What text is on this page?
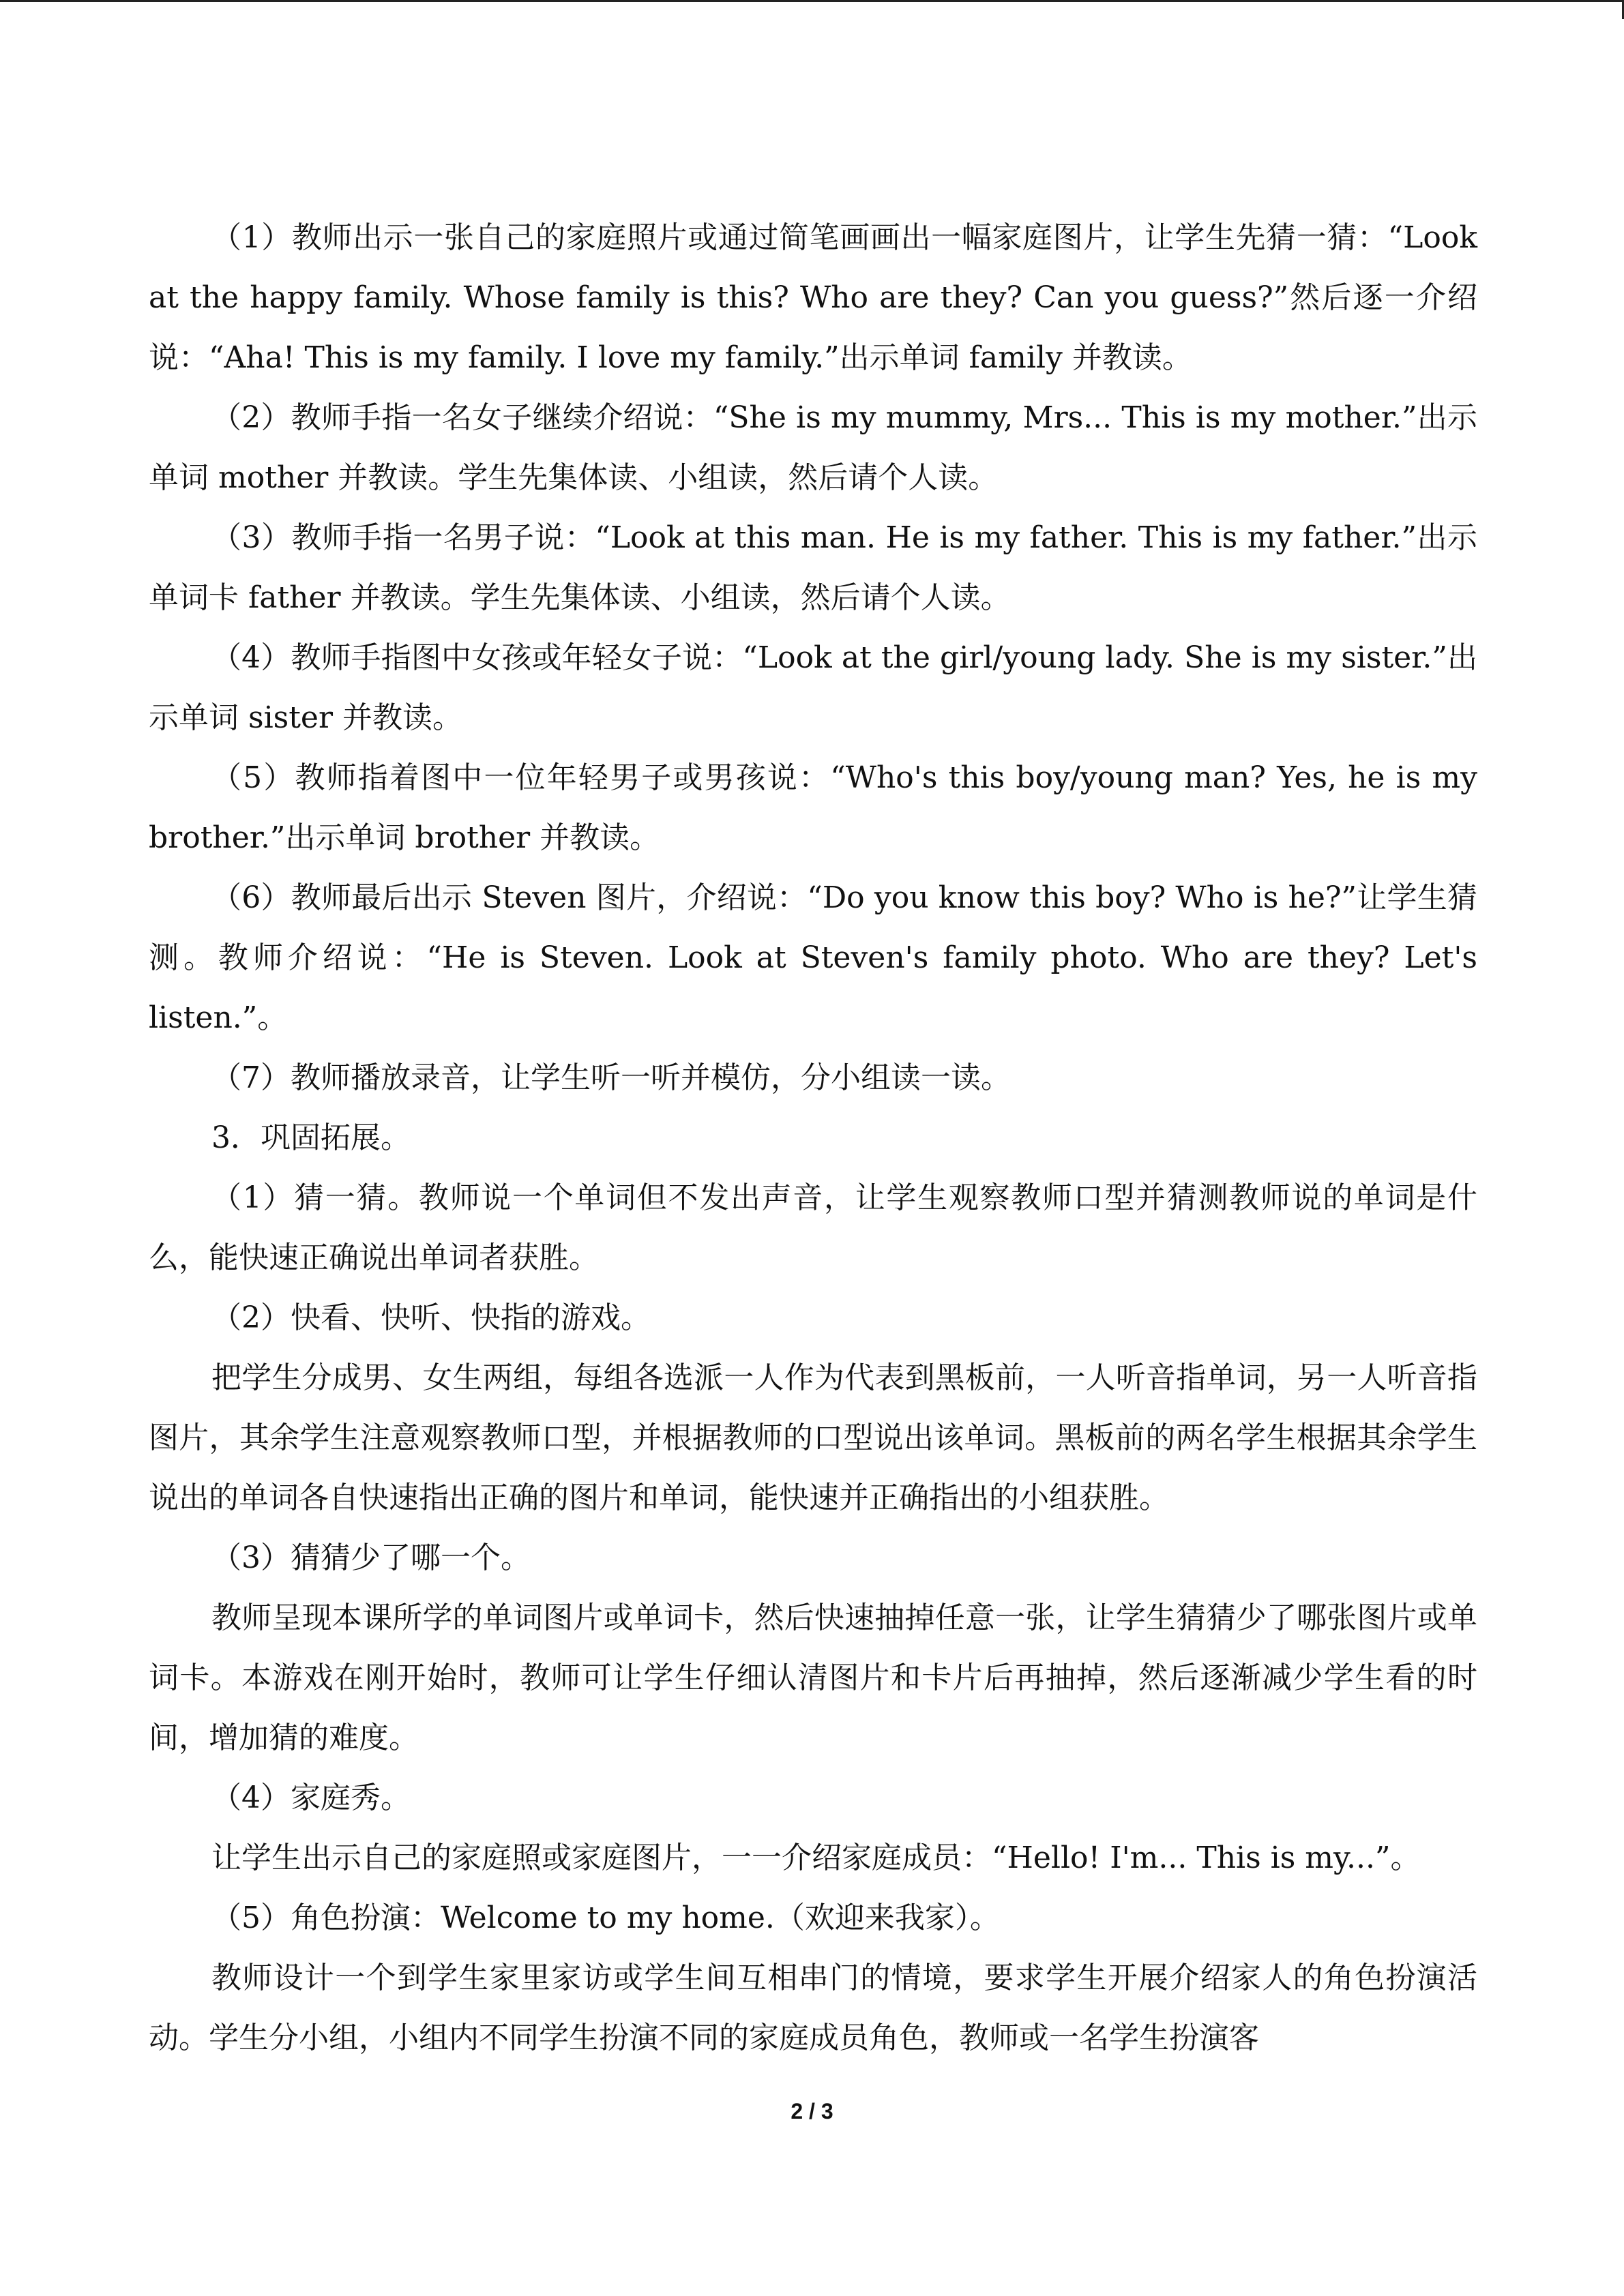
（1）教师出示一张自己的家庭照片或通过简笔画画出一幅家庭图片，让学生先猜一猜：“Look at the happy family. Whose family is this? Who are they? Can you guess?”然后逐一介绍说：“Aha! This is my family. I love my family.”出示单词 family 并教读。

（2）教师手指一名女子继续介绍说：“She is my mummy, Mrs... This is my mother.”出示单词 mother 并教读。学生先集体读、小组读，然后请个人读。

（3）教师手指一名男子说：“Look at this man. He is my father. This is my father.”出示单词卡 father 并教读。学生先集体读、小组读，然后请个人读。

（4）教师手指图中女孩或年轻女子说：“Look at the girl/young lady. She is my sister.”出示单词 sister 并教读。

（5）教师指着图中一位年轻男子或男孩说：“Who's this boy/young man? Yes, he is my brother.”出示单词 brother 并教读。

（6）教师最后出示 Steven 图片，介绍说：“Do you know this boy? Who is he?”让学生猜测。教师介绍说：“He is Steven. Look at Steven's family photo. Who are they? Let's listen.”。

（7）教师播放录音，让学生听一听并模仿，分小组读一读。

3．巩固拓展。

（1）猜一猜。教师说一个单词但不发出声音，让学生观察教师口型并猜测教师说的单词是什么，能快速正确说出单词者获胜。

（2）快看、快听、快指的游戏。

把学生分成男、女生两组，每组各选派一人作为代表到黑板前，一人听音指单词，另一人听音指图片，其余学生注意观察教师口型，并根据教师的口型说出该单词。黑板前的两名学生根据其余学生说出的单词各自快速指出正确的图片和单词，能快速并正确指出的小组获胜。

（3）猜猜少了哪一个。

教师呈现本课所学的单词图片或单词卡，然后快速抽掉任意一张，让学生猜猜少了哪张图片或单词卡。本游戏在刚开始时，教师可让学生仔细认清图片和卡片后再抽掉，然后逐渐减少学生看的时间，增加猜的难度。

（4）家庭秀。

让学生出示自己的家庭照或家庭图片，一一介绍家庭成员：“Hello! I'm... This is my...”。

（5）角色扮演：Welcome to my home.（欢迎来我家）。

教师设计一个到学生家里家访或学生间互相串门的情境，要求学生开展介绍家人的角色扮演活动。学生分小组，小组内不同学生扮演不同的家庭成员角色，教师或一名学生扮演客

2 / 3
